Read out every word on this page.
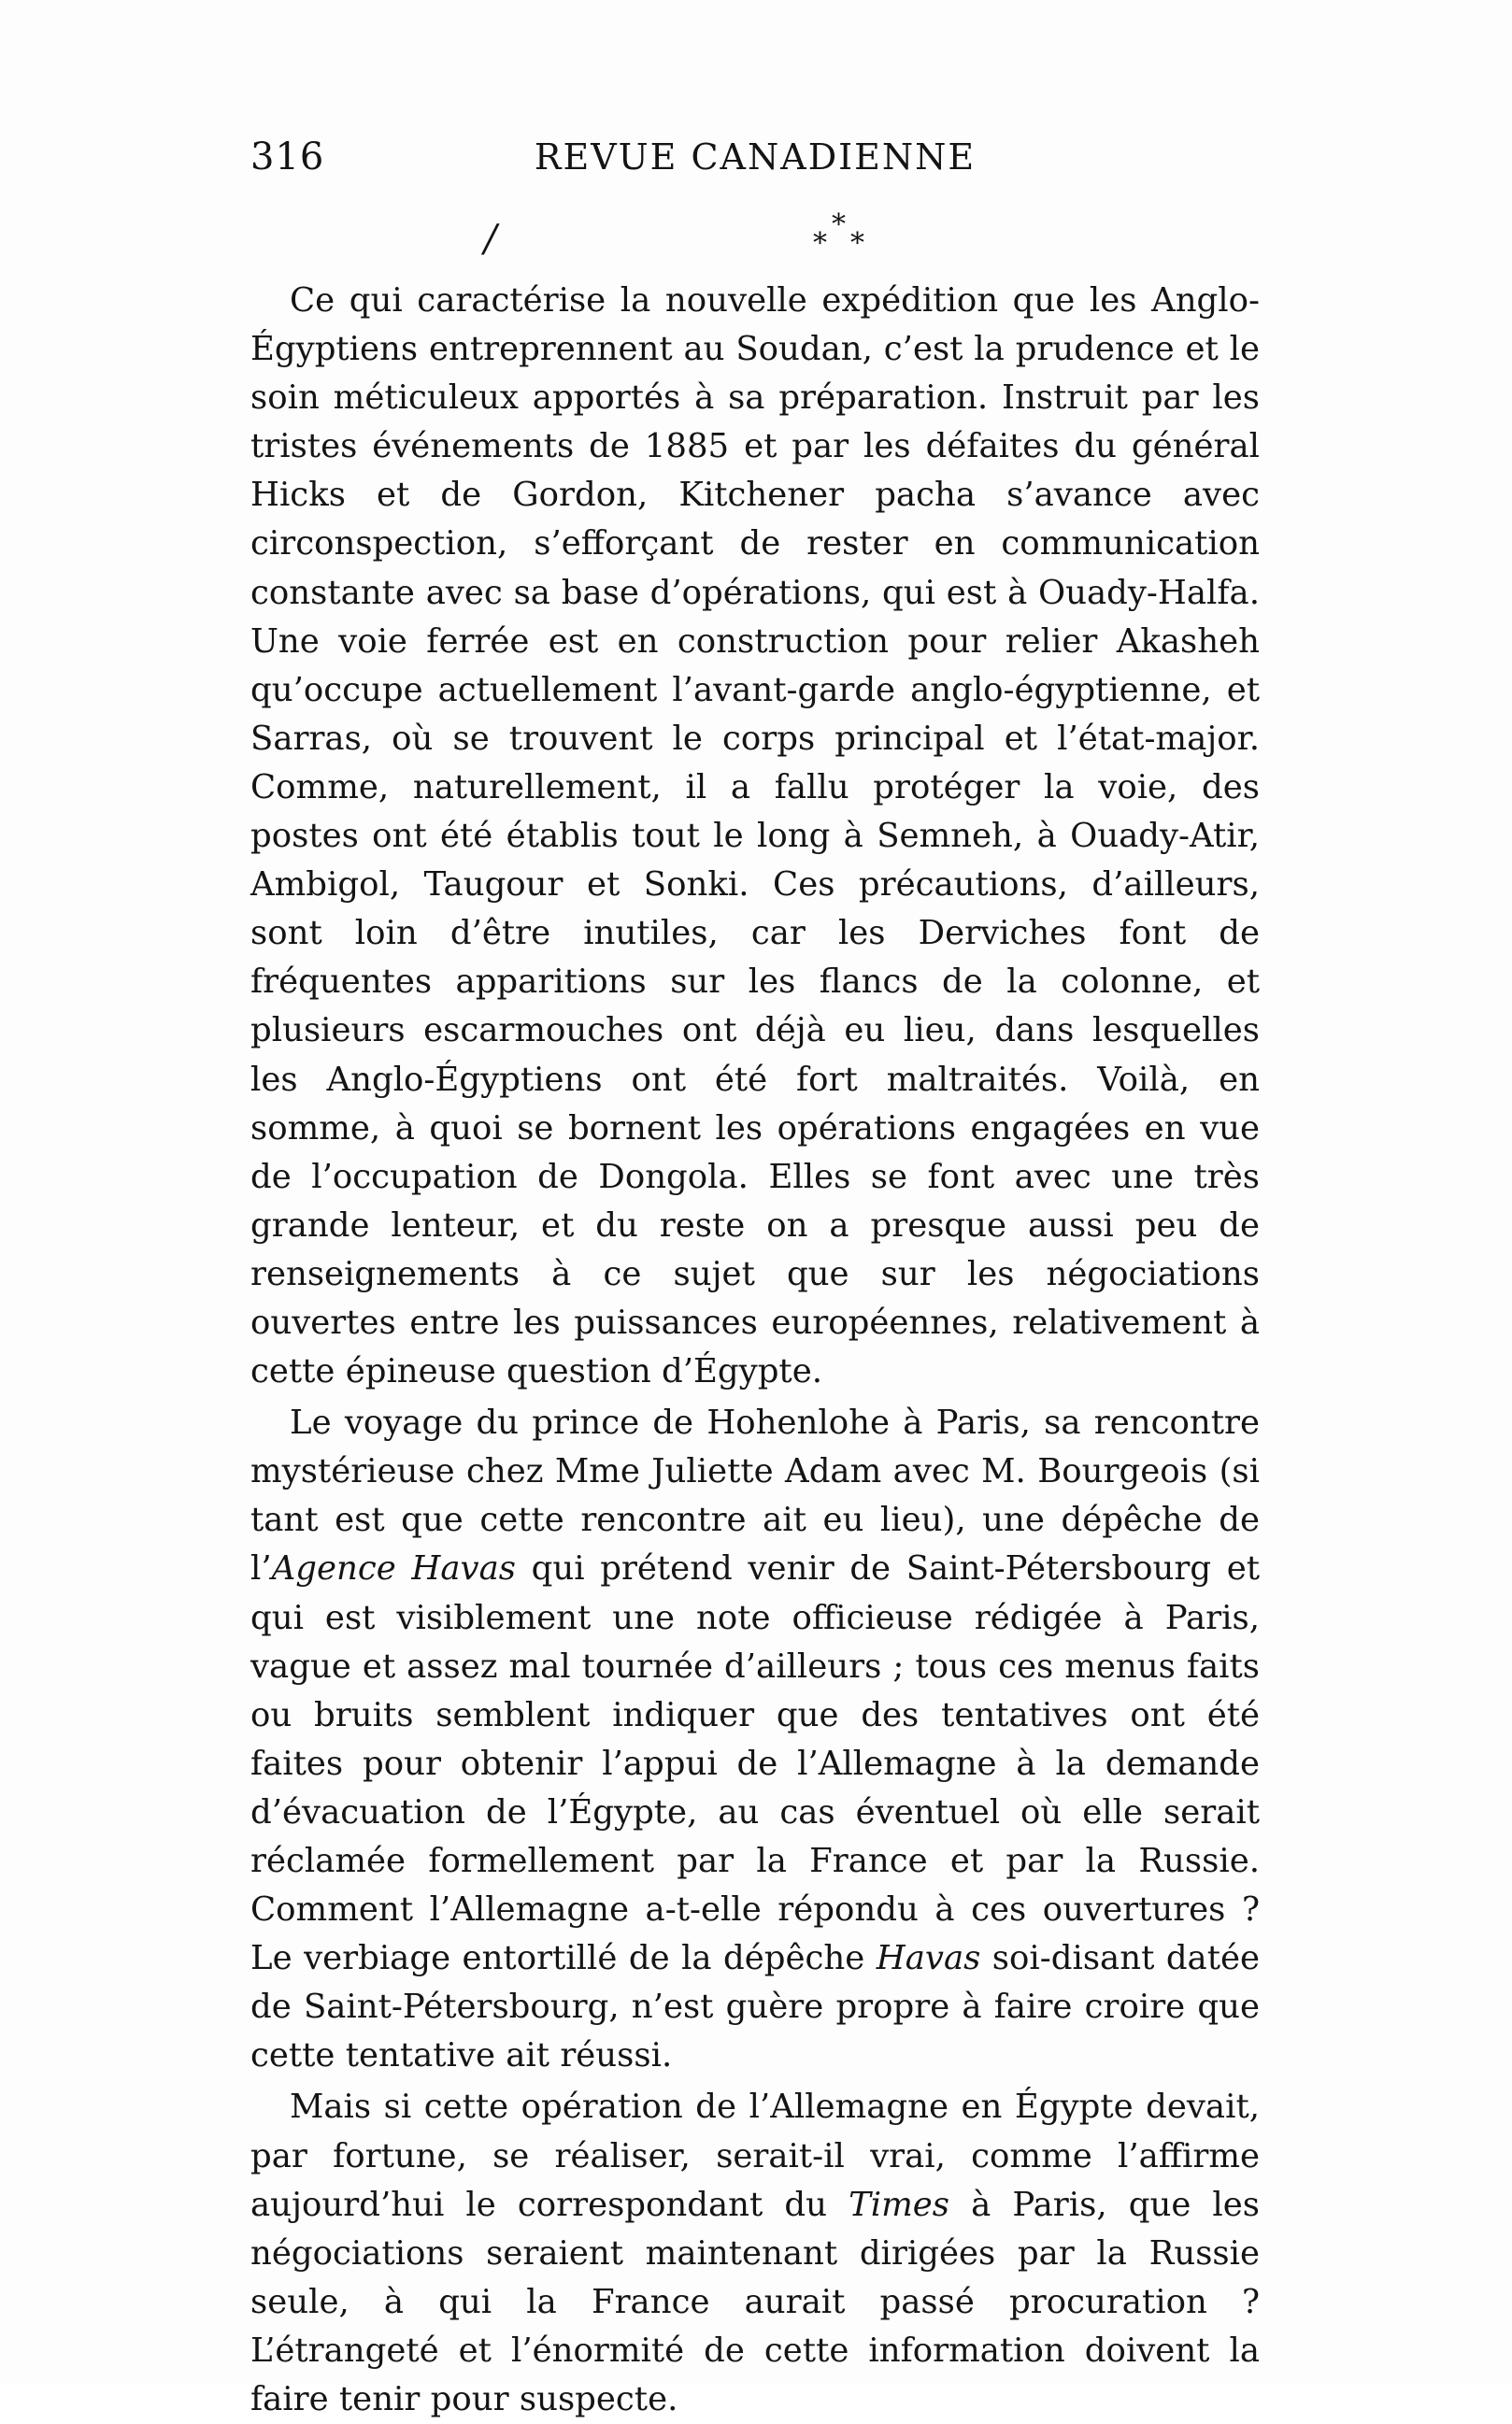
316	REVUE CANADIENNE
/	*
* *

Ce qui caractérise la nouvelle expédition que les Anglo-Égyptiens entreprennent au Soudan, c’est la prudence et le soin méticuleux apportés à sa préparation. Instruit par les tristes événements de 1885 et par les défaites du général Hicks et de Gordon, Kitchener pacha s’avance avec circonspection, s’efforçant de rester en communication constante avec sa base d’opérations, qui est à Ouady-Halfa. Une voie ferrée est en construction pour relier Akasheh qu’occupe actuellement l’avant-garde anglo-égyptienne, et Sarras, où se trouvent le corps principal et l’état-major. Comme, naturellement, il a fallu protéger la voie, des postes ont été établis tout le long à Semneh, à Ouady-Atir, Ambigol, Taugour et Sonki. Ces précautions, d’ailleurs, sont loin d’être inutiles, car les Derviches font de fréquentes apparitions sur les flancs de la colonne, et plusieurs escarmouches ont déjà eu lieu, dans lesquelles les Anglo-Égyptiens ont été fort maltraités. Voilà, en somme, à quoi se bornent les opérations engagées en vue de l’occupation de Dongola. Elles se font avec une très grande lenteur, et du reste on a presque aussi peu de renseignements à ce sujet que sur les négociations ouvertes entre les puissances européennes, relativement à cette épineuse question d’Égypte.

Le voyage du prince de Hohenlohe à Paris, sa rencontre mystérieuse chez Mme Juliette Adam avec M. Bourgeois (si tant est que cette rencontre ait eu lieu), une dépêche de l’Agence Havas qui prétend venir de Saint-Pétersbourg et qui est visiblement une note officieuse rédigée à Paris, vague et assez mal tournée d’ailleurs ; tous ces menus faits ou bruits semblent indiquer que des tentatives ont été faites pour obtenir l’appui de l’Allemagne à la demande d’évacuation de l’Égypte, au cas éventuel où elle serait réclamée formellement par la France et par la Russie. Comment l’Allemagne a-t-elle répondu à ces ouvertures ? Le verbiage entortillé de la dépêche Havas soi-disant datée de Saint-Pétersbourg, n’est guère propre à faire croire que cette tentative ait réussi.

Mais si cette opération de l’Allemagne en Égypte devait, par fortune, se réaliser, serait-il vrai, comme l’affirme aujourd’hui le correspondant du Times à Paris, que les négociations seraient maintenant dirigées par la Russie seule, à qui la France aurait passé procuration ? L’étrangeté et l’énormité de cette information doivent la faire tenir pour suspecte.
